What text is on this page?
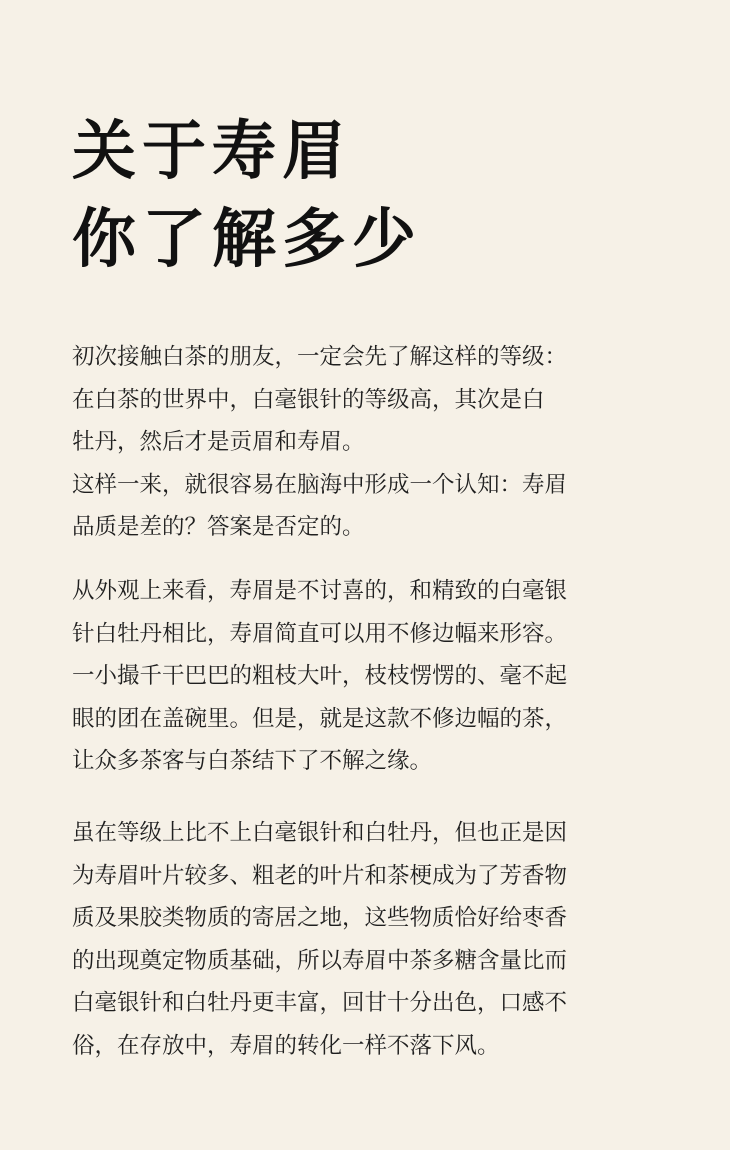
关于寿眉
你了解多少
初次接触白茶的朋友，一定会先了解这样的等级：
在白茶的世界中，白毫银针的等级高，其次是白
牡丹，然后才是贡眉和寿眉。
这样一来，就很容易在脑海中形成一个认知：寿眉
品质是差的？答案是否定的。
从外观上来看，寿眉是不讨喜的，和精致的白毫银
针白牡丹相比，寿眉简直可以用不修边幅来形容。
一小撮千干巴巴的粗枝大叶，枝枝愣愣的、毫不起
眼的团在盖碗里。但是，就是这款不修边幅的茶，
让众多茶客与白茶结下了不解之缘。
虽在等级上比不上白毫银针和白牡丹，但也正是因
为寿眉叶片较多、粗老的叶片和茶梗成为了芳香物
质及果胶类物质的寄居之地，这些物质恰好给枣香
的出现奠定物质基础，所以寿眉中茶多糖含量比而
白毫银针和白牡丹更丰富，回甘十分出色，口感不
俗，在存放中，寿眉的转化一样不落下风。
